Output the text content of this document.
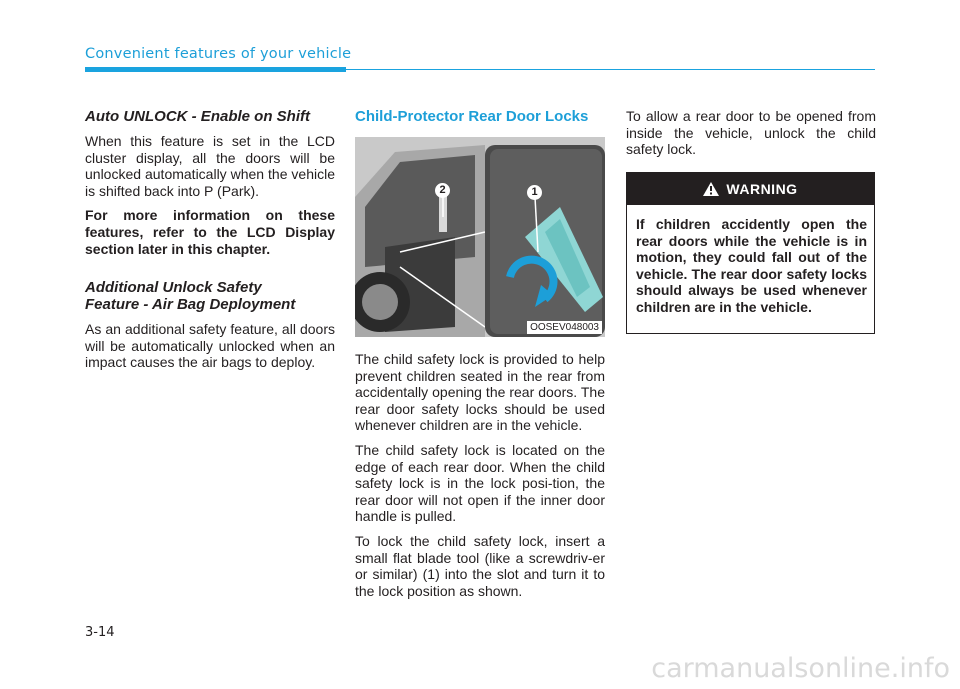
Convenient features of your vehicle
Auto UNLOCK - Enable on Shift

When this feature is set in the LCD cluster display, all the doors will be unlocked automatically when the vehicle is shifted back into P (Park).

For more information on these features, refer to the LCD Display section later in this chapter.

Additional Unlock Safety
Feature - Air Bag Deployment

As an additional safety feature, all doors will be automatically unlocked when an impact causes the air bags to deploy.

Child-Protector Rear Door Locks
1
2
OOSEV048003

The child safety lock is provided to help prevent children seated in the rear from accidentally opening the rear doors. The rear door safety locks should be used whenever children are in the vehicle.

The child safety lock is located on the edge of each rear door. When the child safety lock is in the lock posi-tion, the rear door will not open if the inner door handle is pulled.

To lock the child safety lock, insert a small flat blade tool (like a screwdriv-er or similar) (1) into the slot and turn it to the lock position as shown.

To allow a rear door to be opened from inside the vehicle, unlock the child safety lock.

WARNING
If children accidently open the rear doors while the vehicle is in motion, they could fall out of the vehicle. The rear door safety locks should always be used whenever children are in the vehicle.
3-14
carmanualsonline.info
